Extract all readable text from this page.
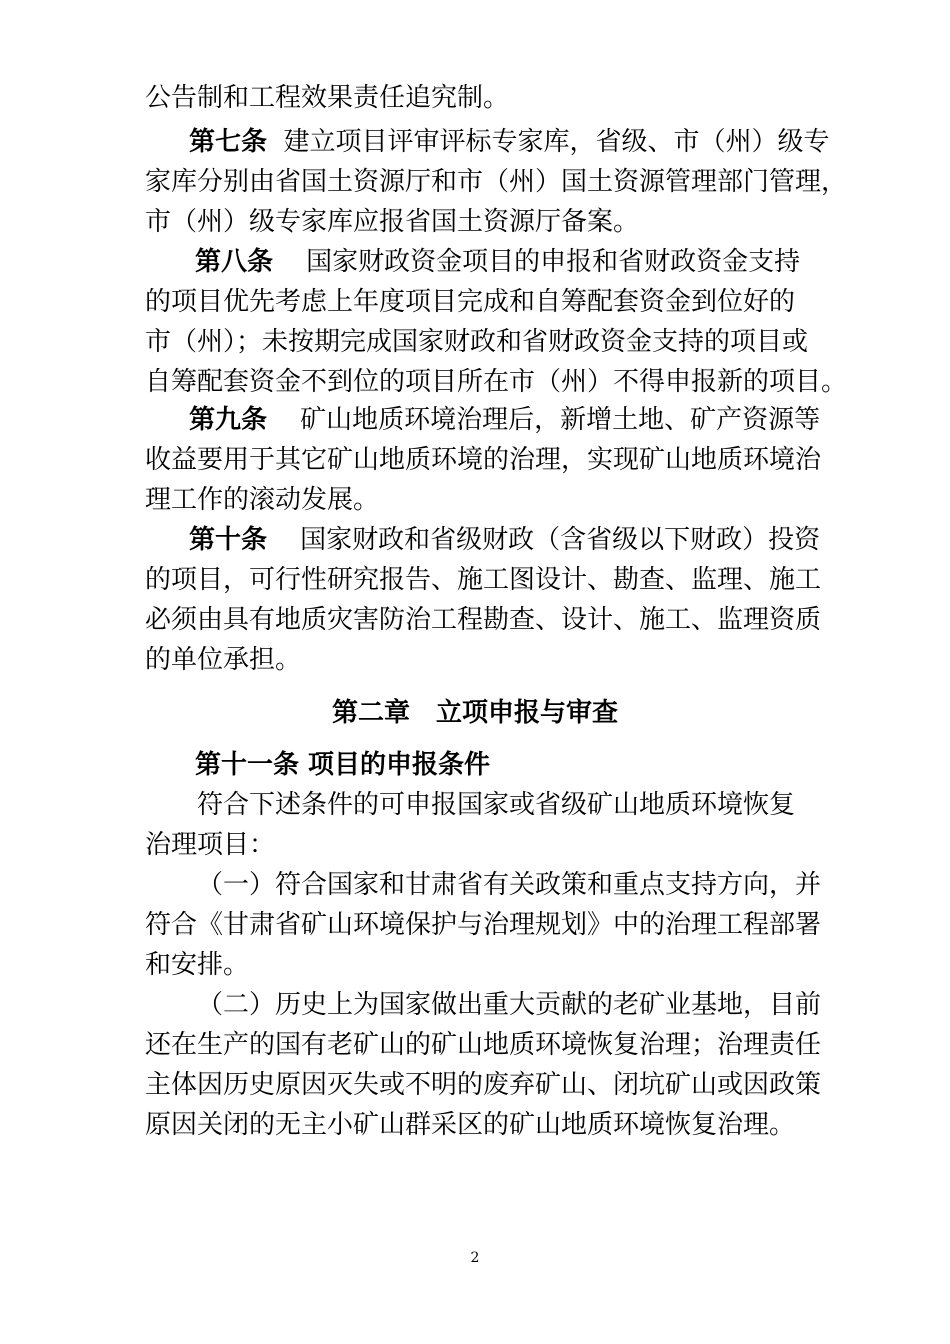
公告制和工程效果责任追究制。
第七条 建立项目评审评标专家库，省级、市（州）级专
家库分别由省国土资源厅和市（州）国土资源管理部门管理，
市（州）级专家库应报省国土资源厅备案。
第八条 国家财政资金项目的申报和省财政资金支持
的项目优先考虑上年度项目完成和自筹配套资金到位好的
市（州）；未按期完成国家财政和省财政资金支持的项目或
自筹配套资金不到位的项目所在市（州）不得申报新的项目。
第九条 矿山地质环境治理后，新增土地、矿产资源等
收益要用于其它矿山地质环境的治理，实现矿山地质环境治
理工作的滚动发展。
第十条 国家财政和省级财政（含省级以下财政）投资
的项目，可行性研究报告、施工图设计、勘查、监理、施工
必须由具有地质灾害防治工程勘查、设计、施工、监理资质
的单位承担。
第二章　立项申报与审查
第十一条 项目的申报条件
符合下述条件的可申报国家或省级矿山地质环境恢复
治理项目：
（一）符合国家和甘肃省有关政策和重点支持方向，并
符合《甘肃省矿山环境保护与治理规划》中的治理工程部署
和安排。
（二）历史上为国家做出重大贡献的老矿业基地，目前
还在生产的国有老矿山的矿山地质环境恢复治理；治理责任
主体因历史原因灭失或不明的废弃矿山、闭坑矿山或因政策
原因关闭的无主小矿山群采区的矿山地质环境恢复治理。
2
